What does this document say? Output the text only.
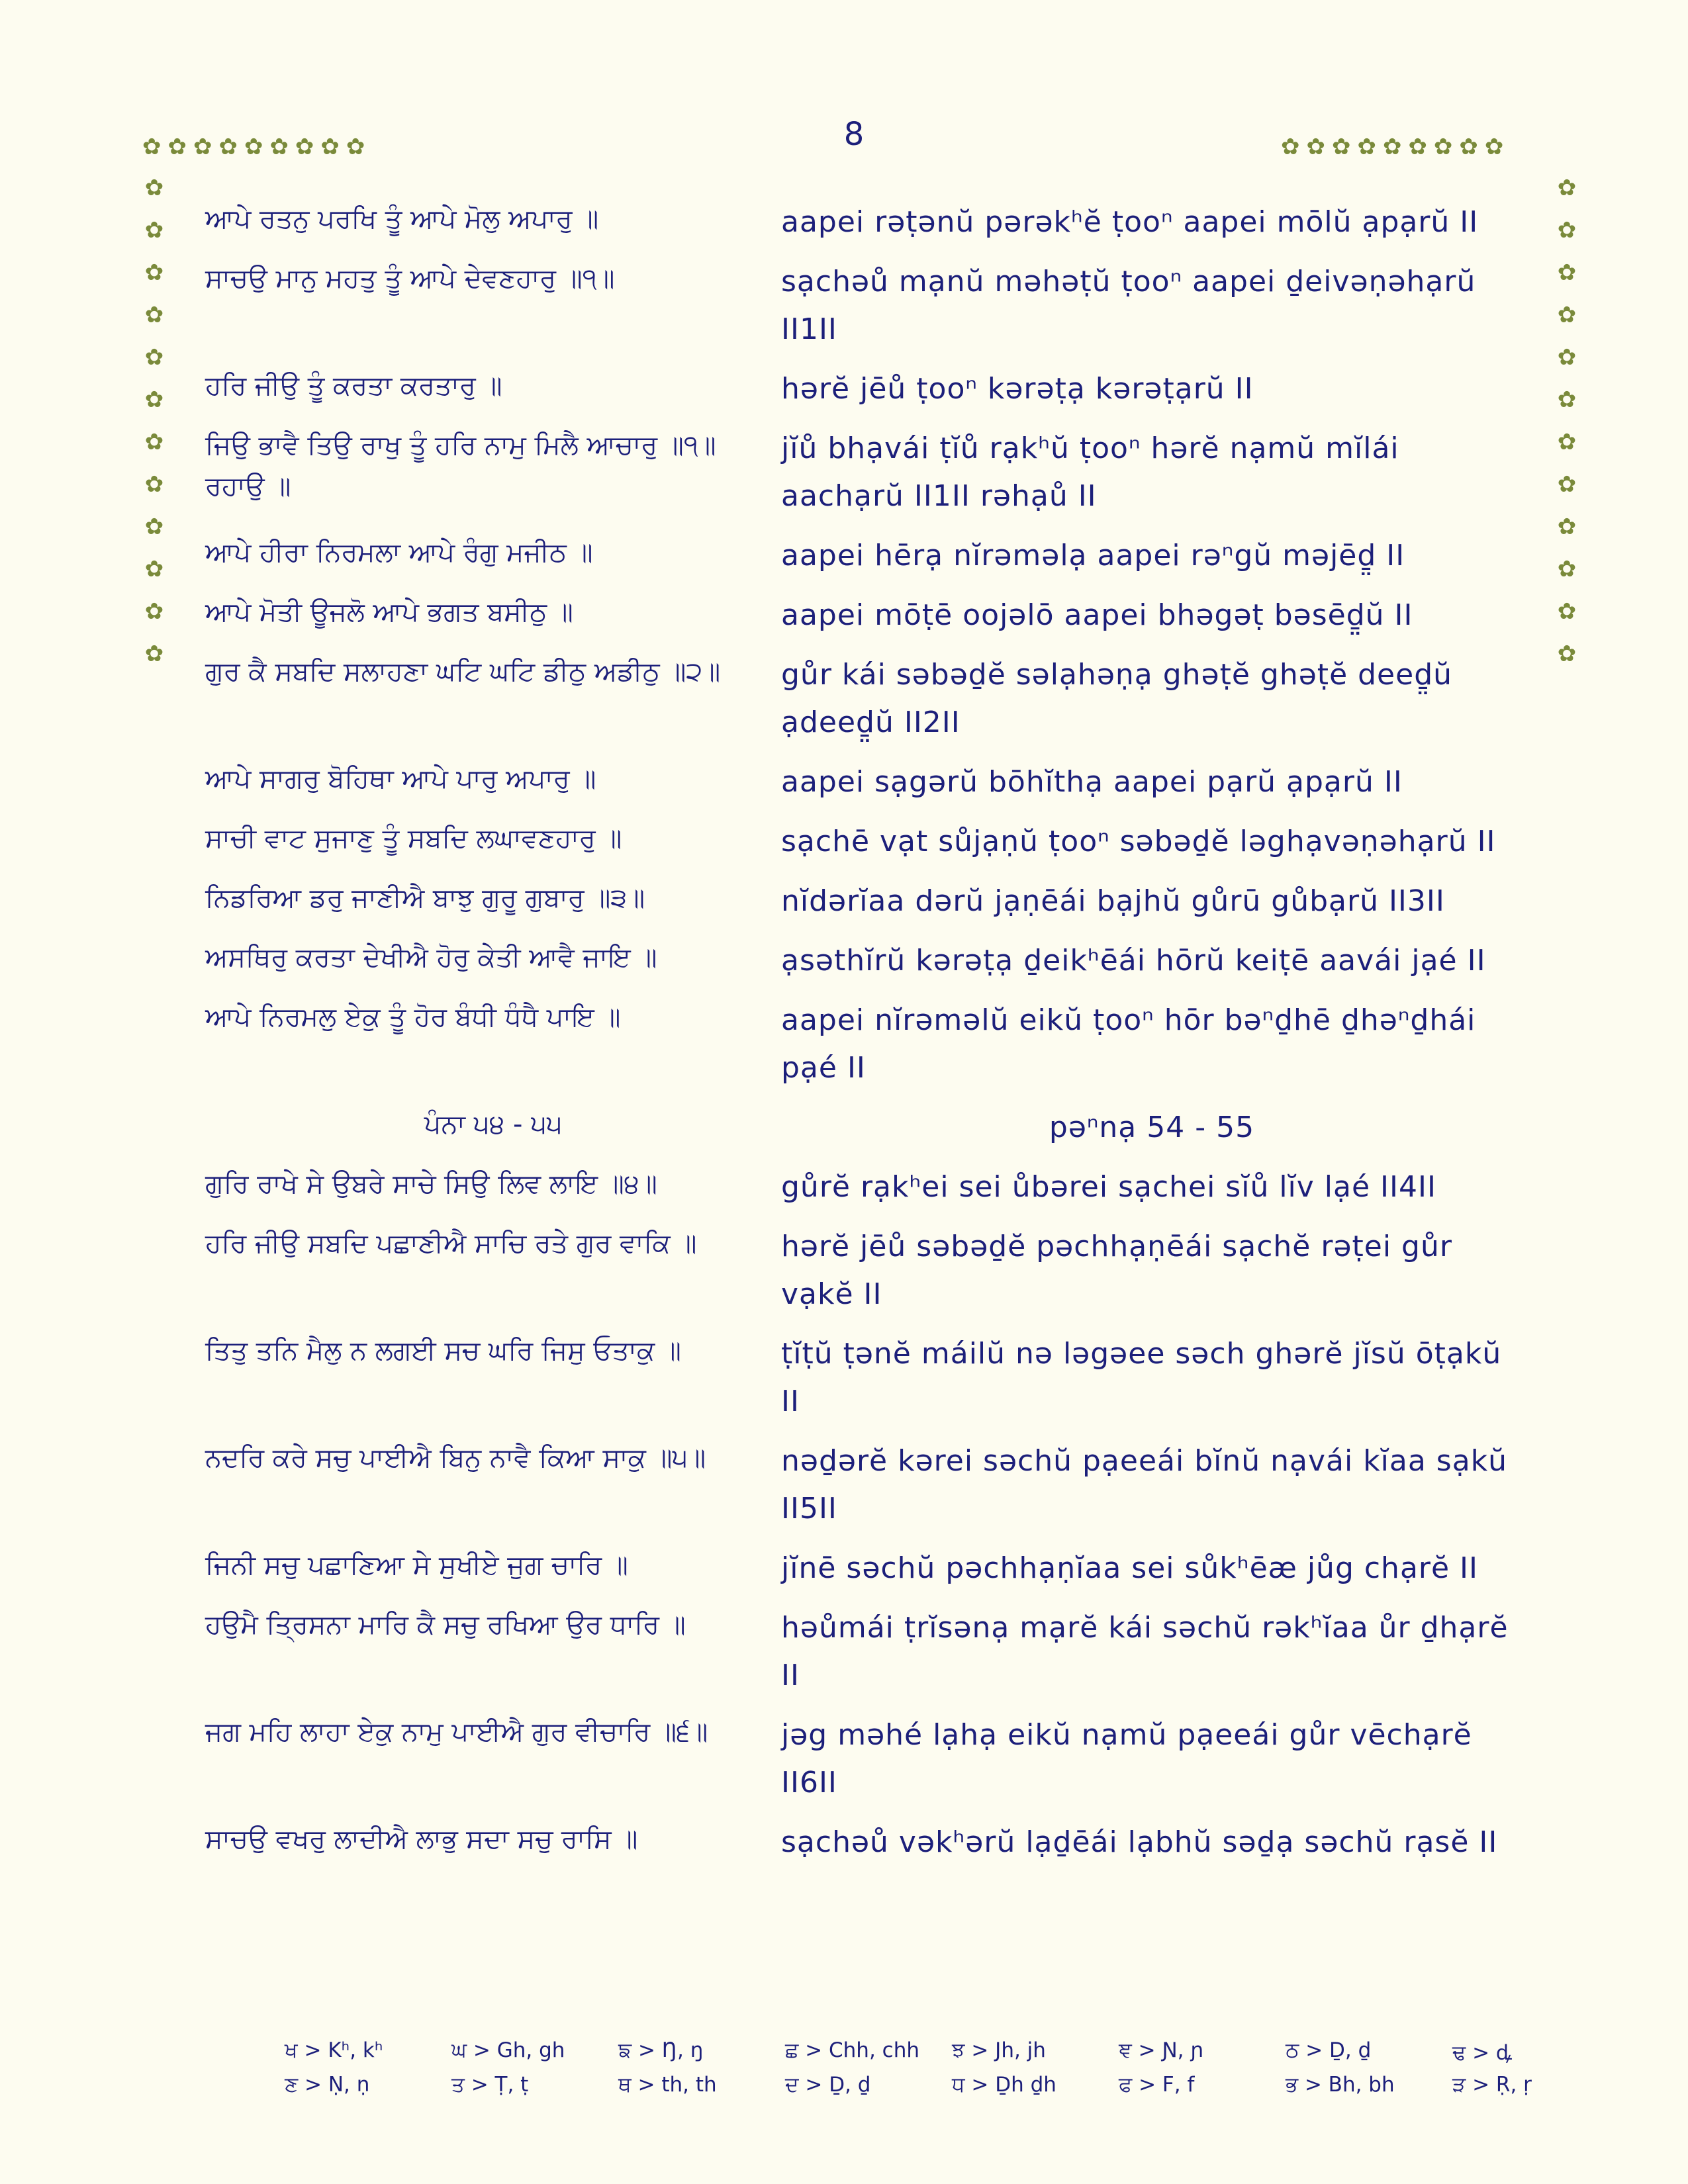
8
✿✿✿✿✿✿✿✿✿	✿✿✿✿✿✿✿✿✿
✿
✿
✿
✿
✿
✿
✿
✿
✿
✿
✿
✿
✿
✿
✿
✿
✿
✿
✿
✿
✿
✿
✿
✿
ਆਪੇ ਰਤਨੁ ਪਰਖਿ ਤੂੰ ਆਪੇ ਮੋਲੁ ਅਪਾਰੁ ॥	aapei rəṭənŭ pərəkʰĕ ṭooⁿ aapei mōlŭ ạpạrŭ II
ਸਾਚਉ ਮਾਨੁ ਮਹਤੁ ਤੂੰ ਆਪੇ ਦੇਵਣਹਾਰੁ ॥੧॥	sạchəů mạnŭ məhəṭŭ ṭooⁿ aapei ḏeivəṇəhạrŭ II1II
ਹਰਿ ਜੀਉ ਤੂੰ ਕਰਤਾ ਕਰਤਾਰੁ ॥	hərĕ jēů ṭooⁿ kərəṭạ kərəṭạrŭ II
ਜਿਉ ਭਾਵੈ ਤਿਉ ਰਾਖੁ ਤੂੰ ਹਰਿ ਨਾਮੁ ਮਿਲੈ ਆਚਾਰੁ ॥੧॥ ਰਹਾਉ ॥
jĭů bhạvái ṭĭů rạkʰŭ ṭooⁿ hərĕ nạmŭ mĭlái aachạrŭ II1II rəhạů II
ਆਪੇ ਹੀਰਾ ਨਿਰਮਲਾ ਆਪੇ ਰੰਗੁ ਮਜੀਠ ॥	aapei hērạ nĭrəməlạ aapei rəⁿgŭ məjēḏ̤ II
ਆਪੇ ਮੋਤੀ ਊਜਲੋ ਆਪੇ ਭਗਤ ਬਸੀਠੁ ॥	aapei mōṭē oojəlō aapei bhəgəṭ bəsēḏ̤ŭ II
ਗੁਰ ਕੈ ਸਬਦਿ ਸਲਾਹਣਾ ਘਟਿ ਘਟਿ ਡੀਠੁ ਅਡੀਠੁ ॥੨॥	gůr kái səbəḏĕ səlạhəṇạ ghəṭĕ ghəṭĕ deeḏ̤ŭ ạdeeḏ̤ŭ II2II
ਆਪੇ ਸਾਗਰੁ ਬੋਹਿਥਾ ਆਪੇ ਪਾਰੁ ਅਪਾਰੁ ॥	aapei sạgərŭ bōhĭthạ aapei pạrŭ ạpạrŭ II
ਸਾਚੀ ਵਾਟ ਸੁਜਾਣੁ ਤੂੰ ਸਬਦਿ ਲਘਾਵਣਹਾਰੁ ॥	sạchē vạt sůjạṇŭ ṭooⁿ səbəḏĕ ləghạvəṇəhạrŭ II
ਨਿਡਰਿਆ ਡਰੁ ਜਾਣੀਐ ਬਾਝੁ ਗੁਰੂ ਗੁਬਾਰੁ ॥੩॥	nĭdərĭaa dərŭ jạṇēái bạjhŭ gůrū gůbạrŭ II3II
ਅਸਥਿਰੁ ਕਰਤਾ ਦੇਖੀਐ ਹੋਰੁ ਕੇਤੀ ਆਵੈ ਜਾਇ ॥	ạsəthĭrŭ kərəṭạ ḏeikʰēái hōrŭ keiṭē aavái jạé II
ਆਪੇ ਨਿਰਮਲੁ ਏਕੁ ਤੂੰ ਹੋਰ ਬੰਧੀ ਧੰਧੈ ਪਾਇ ॥	aapei nĭrəməlŭ eikŭ ṭooⁿ hōr bəⁿḏhē ḏhəⁿḏhái pạé II
ਪੰਨਾ ੫੪ - ੫੫	pəⁿnạ 54 - 55
ਗੁਰਿ ਰਾਖੇ ਸੇ ਉਬਰੇ ਸਾਚੇ ਸਿਉ ਲਿਵ ਲਾਇ ॥੪॥	gůrĕ rạkʰei sei ůbərei sạchei sĭů lĭv lạé II4II
ਹਰਿ ਜੀਉ ਸਬਦਿ ਪਛਾਣੀਐ ਸਾਚਿ ਰਤੇ ਗੁਰ ਵਾਕਿ ॥	hərĕ jēů səbəḏĕ pəchhạṇēái sạchĕ rəṭei gůr vạkĕ II
ਤਿਤੁ ਤਨਿ ਮੈਲੁ ਨ ਲਗਈ ਸਚ ਘਰਿ ਜਿਸੁ ਓਤਾਕੁ ॥	ṭĭṭŭ ṭənĕ máilŭ nə ləgəee səch ghərĕ jĭsŭ ōṭạkŭ II
ਨਦਰਿ ਕਰੇ ਸਚੁ ਪਾਈਐ ਬਿਨੁ ਨਾਵੈ ਕਿਆ ਸਾਕੁ ॥੫॥	nəḏərĕ kərei səchŭ pạeeái bĭnŭ nạvái kĭaa sạkŭ II5II
ਜਿਨੀ ਸਚੁ ਪਛਾਣਿਆ ਸੇ ਸੁਖੀਏ ਜੁਗ ਚਾਰਿ ॥	jĭnē səchŭ pəchhạṇĭaa sei sůkʰēæ jůg chạrĕ II
ਹਉਮੈ ਤ੍ਰਿਸਨਾ ਮਾਰਿ ਕੈ ਸਚੁ ਰਖਿਆ ਉਰ ਧਾਰਿ ॥	həůmái ṭrĭsənạ mạrĕ kái səchŭ rəkʰĭaa ůr ḏhạrĕ II
ਜਗ ਮਹਿ ਲਾਹਾ ਏਕੁ ਨਾਮੁ ਪਾਈਐ ਗੁਰ ਵੀਚਾਰਿ ॥੬॥	jəg məhé lạhạ eikŭ nạmŭ pạeeái gůr vēchạrĕ II6II
ਸਾਚਉ ਵਖਰੁ ਲਾਦੀਐ ਲਾਭੁ ਸਦਾ ਸਚੁ ਰਾਸਿ ॥	sạchəů vəkʰərŭ lạḏēái lạbhŭ səḏạ səchŭ rạsĕ II
ਖ > Kʰ, kʰ	ਘ > Gh, gh	ਙ > Ŋ, ŋ	ਛ > Chh, chh	ਝ > Jh, jh	ਞ > Ɲ, ɲ	ਠ > Ḏ, ḏ	ਢ > ꝱ
ਣ > Ṇ, ṇ	ਤ > Ṭ, ṭ	ਥ > th, th	ਦ > Ḏ, ḏ	ਧ > Ḏh ḏh	ਫ > F, f	ਭ > Bh, bh	ੜ > Ṛ, ṛ
